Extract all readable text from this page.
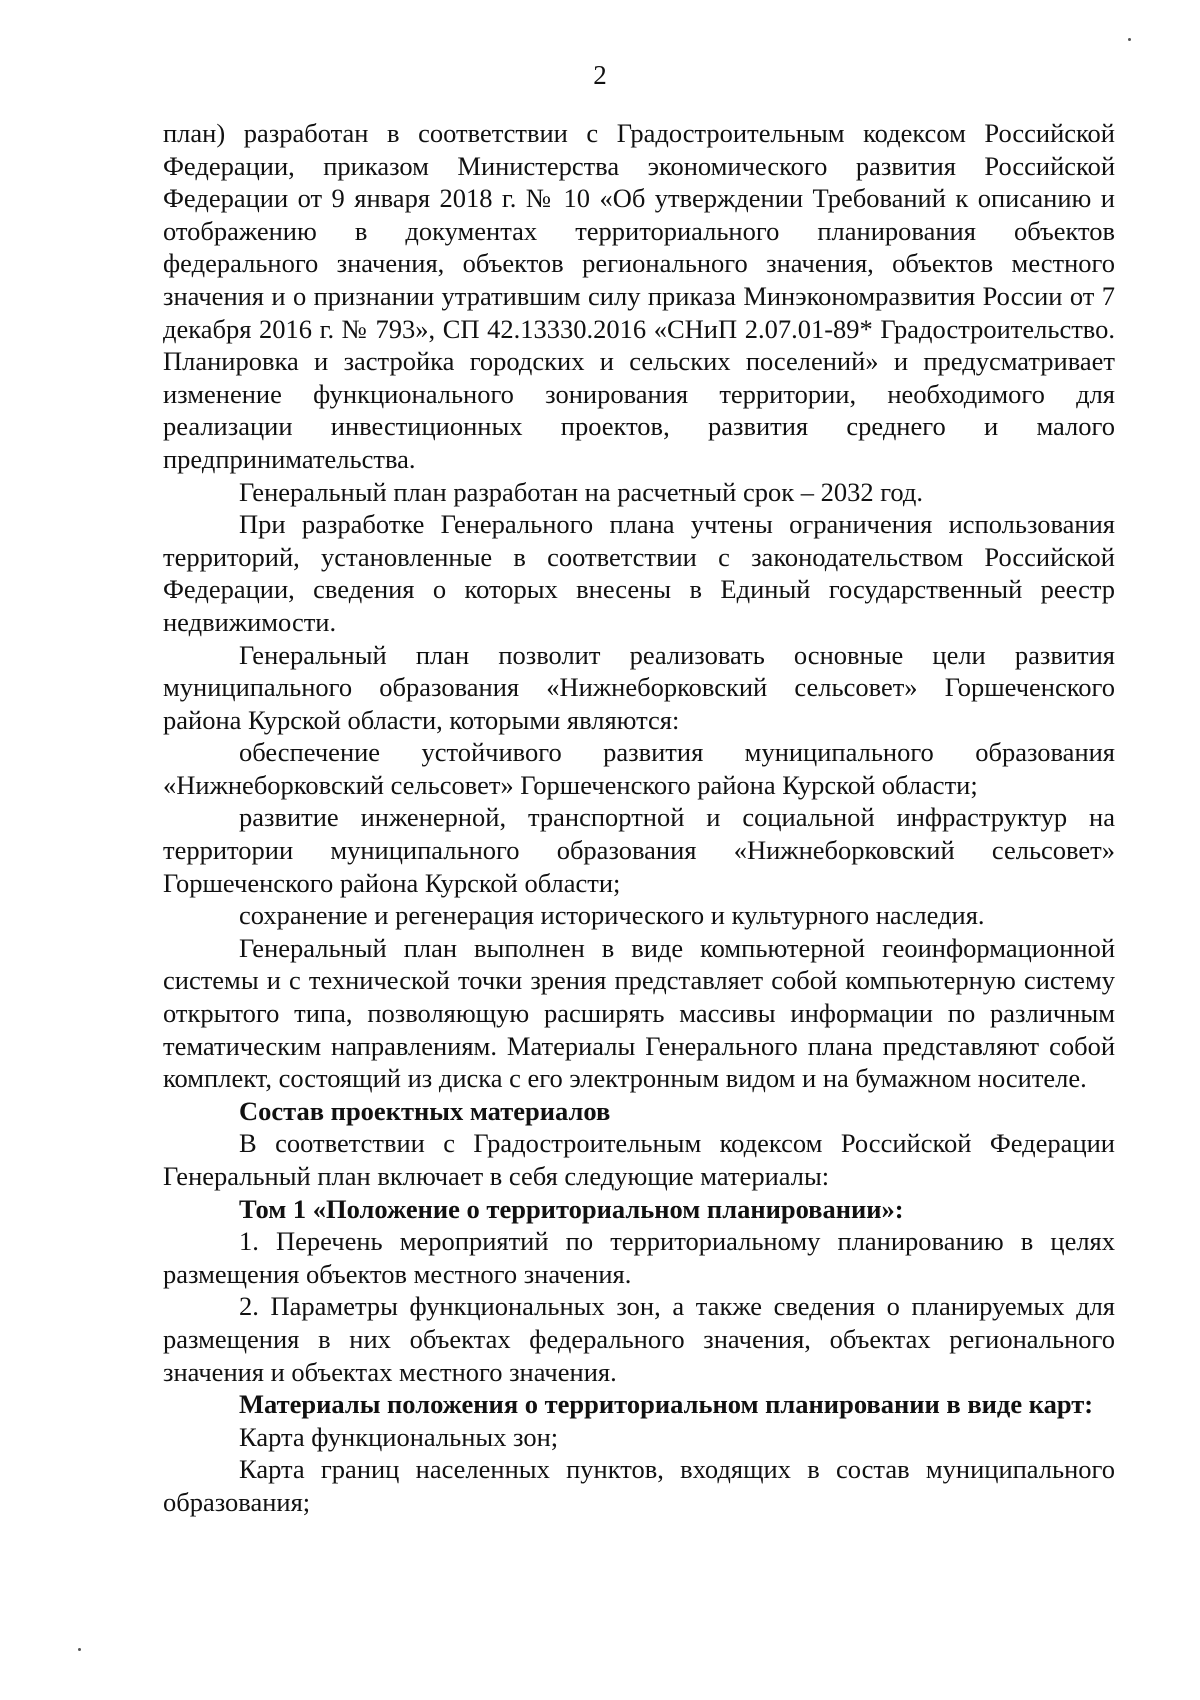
2

план) разработан в соответствии с Градостроительным кодексом Российской Федерации, приказом Министерства экономического развития Российской Федерации от 9 января 2018 г. № 10 «Об утверждении Требований к описанию и отображению в документах территориального планирования объектов федерального значения, объектов регионального значения, объектов местного значения и о признании утратившим силу приказа Минэкономразвития России от 7 декабря 2016 г. № 793», СП 42.13330.2016 «СНиП 2.07.01-89* Градостроительство. Планировка и застройка городских и сельских поселений» и предусматривает изменение функционального зонирования территории, необходимого для реализации инвестиционных проектов, развития среднего и малого предпринимательства.

Генеральный план разработан на расчетный срок – 2032 год.

При разработке Генерального плана учтены ограничения использования территорий, установленные в соответствии с законодательством Российской Федерации, сведения о которых внесены в Единый государственный реестр недвижимости.

Генеральный план позволит реализовать основные цели развития муниципального образования «Нижнеборковский сельсовет» Горшеченского района Курской области, которыми являются:

обеспечение устойчивого развития муниципального образования «Нижнеборковский сельсовет» Горшеченского района Курской области;

развитие инженерной, транспортной и социальной инфраструктур на территории муниципального образования «Нижнеборковский сельсовет» Горшеченского района Курской области;

сохранение и регенерация исторического и культурного наследия.

Генеральный план выполнен в виде компьютерной геоинформационной системы и с технической точки зрения представляет собой компьютерную систему открытого типа, позволяющую расширять массивы информации по различным тематическим направлениям. Материалы Генерального плана представляют собой комплект, состоящий из диска с его электронным видом и на бумажном носителе.

Состав проектных материалов

В соответствии с Градостроительным кодексом Российской Федерации Генеральный план включает в себя следующие материалы:

Том 1 «Положение о территориальном планировании»:

1. Перечень мероприятий по территориальному планированию в целях размещения объектов местного значения.

2. Параметры функциональных зон, а также сведения о планируемых для размещения в них объектах федерального значения, объектах регионального значения и объектах местного значения.

Материалы положения о территориальном планировании в виде карт:

Карта функциональных зон;

Карта границ населенных пунктов, входящих в состав муниципального образования;
